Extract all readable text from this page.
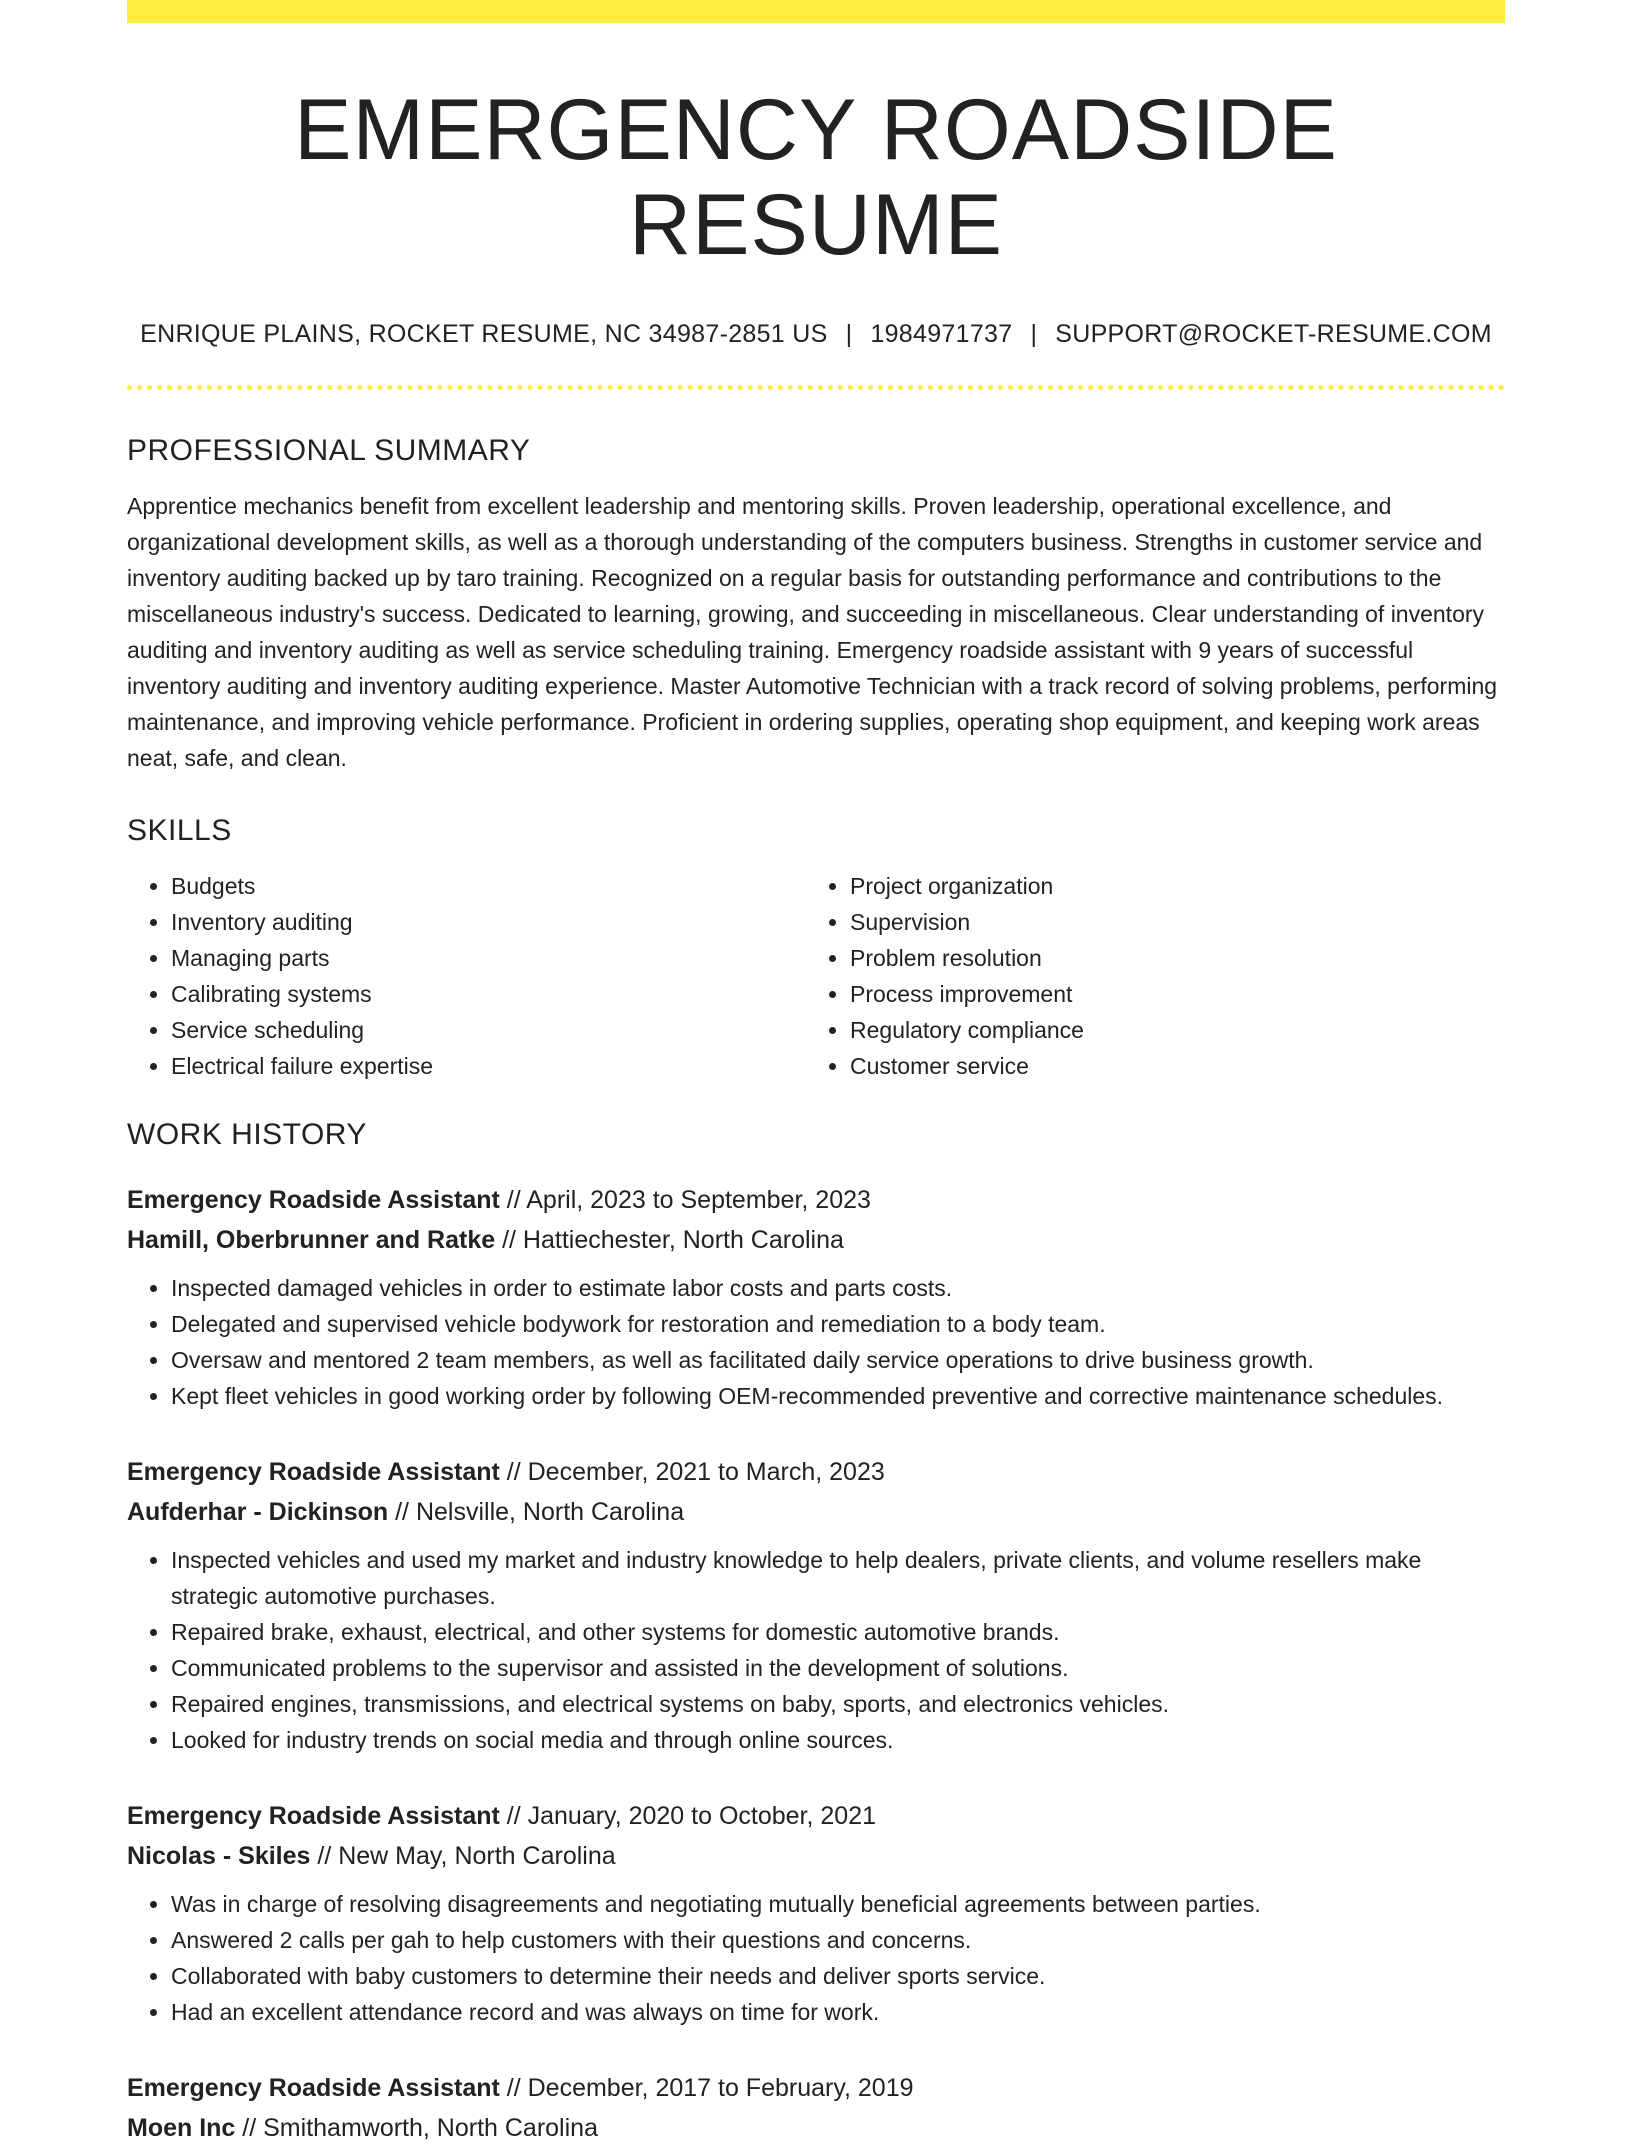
EMERGENCY ROADSIDE RESUME
ENRIQUE PLAINS, ROCKET RESUME, NC 34987-2851 US | 1984971737 | SUPPORT@ROCKET-RESUME.COM
PROFESSIONAL SUMMARY

Apprentice mechanics benefit from excellent leadership and mentoring skills. Proven leadership, operational excellence, and organizational development skills, as well as a thorough understanding of the computers business. Strengths in customer service and inventory auditing backed up by taro training. Recognized on a regular basis for outstanding performance and contributions to the miscellaneous industry's success. Dedicated to learning, growing, and succeeding in miscellaneous. Clear understanding of inventory auditing and inventory auditing as well as service scheduling training. Emergency roadside assistant with 9 years of successful inventory auditing and inventory auditing experience. Master Automotive Technician with a track record of solving problems, performing maintenance, and improving vehicle performance. Proficient in ordering supplies, operating shop equipment, and keeping work areas neat, safe, and clean.

SKILLS
• Budgets
• Inventory auditing
• Managing parts
• Calibrating systems
• Service scheduling
• Electrical failure expertise
• Project organization
• Supervision
• Problem resolution
• Process improvement
• Regulatory compliance
• Customer service
WORK HISTORY
Emergency Roadside Assistant // April, 2023 to September, 2023
Hamill, Oberbrunner and Ratke // Hattiechester, North Carolina
• Inspected damaged vehicles in order to estimate labor costs and parts costs.
• Delegated and supervised vehicle bodywork for restoration and remediation to a body team.
• Oversaw and mentored 2 team members, as well as facilitated daily service operations to drive business growth.
• Kept fleet vehicles in good working order by following OEM-recommended preventive and corrective maintenance schedules.
Emergency Roadside Assistant // December, 2021 to March, 2023
Aufderhar - Dickinson // Nelsville, North Carolina
• Inspected vehicles and used my market and industry knowledge to help dealers, private clients, and volume resellers make strategic automotive purchases.
• Repaired brake, exhaust, electrical, and other systems for domestic automotive brands.
• Communicated problems to the supervisor and assisted in the development of solutions.
• Repaired engines, transmissions, and electrical systems on baby, sports, and electronics vehicles.
• Looked for industry trends on social media and through online sources.
Emergency Roadside Assistant // January, 2020 to October, 2021
Nicolas - Skiles // New May, North Carolina
• Was in charge of resolving disagreements and negotiating mutually beneficial agreements between parties.
• Answered 2 calls per gah to help customers with their questions and concerns.
• Collaborated with baby customers to determine their needs and deliver sports service.
• Had an excellent attendance record and was always on time for work.
Emergency Roadside Assistant // December, 2017 to February, 2019
Moen Inc // Smithamworth, North Carolina
